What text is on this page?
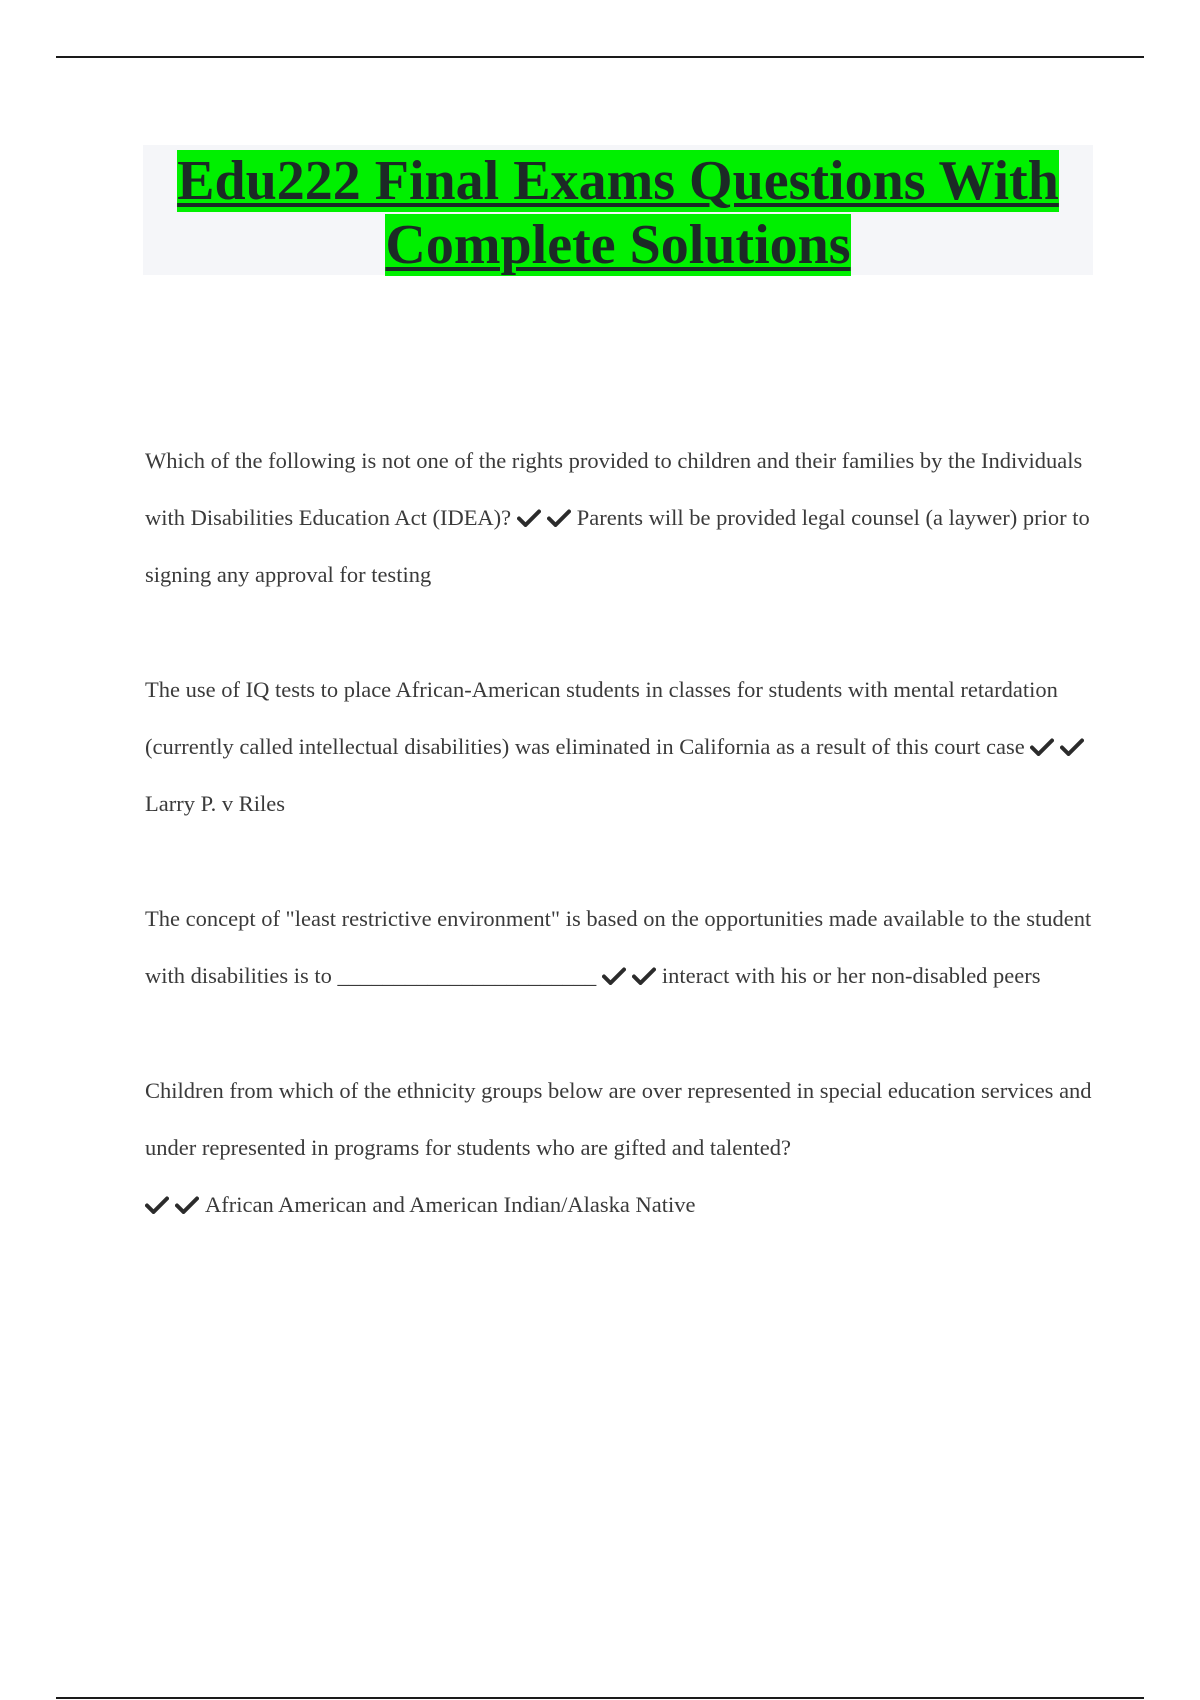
Edu222 Final Exams Questions With
Complete Solutions

Which of the following is not one of the rights provided to children and their families by the Individuals with Disabilities Education Act (IDEA)?	Parents will be provided legal counsel (a laywer) prior to signing any approval for testing

The use of IQ tests to place African-American students in classes for students with mental retardation (currently called intellectual disabilities) was eliminated in California as a result of this court case
Larry P. v Riles

The concept of "least restrictive environment" is based on the opportunities made available to the student with disabilities is to _______________________	interact with his or her non-disabled peers

Children from which of the ethnicity groups below are over represented in special education services and under represented in programs for students who are gifted and talented?

African American and American Indian/Alaska Native
